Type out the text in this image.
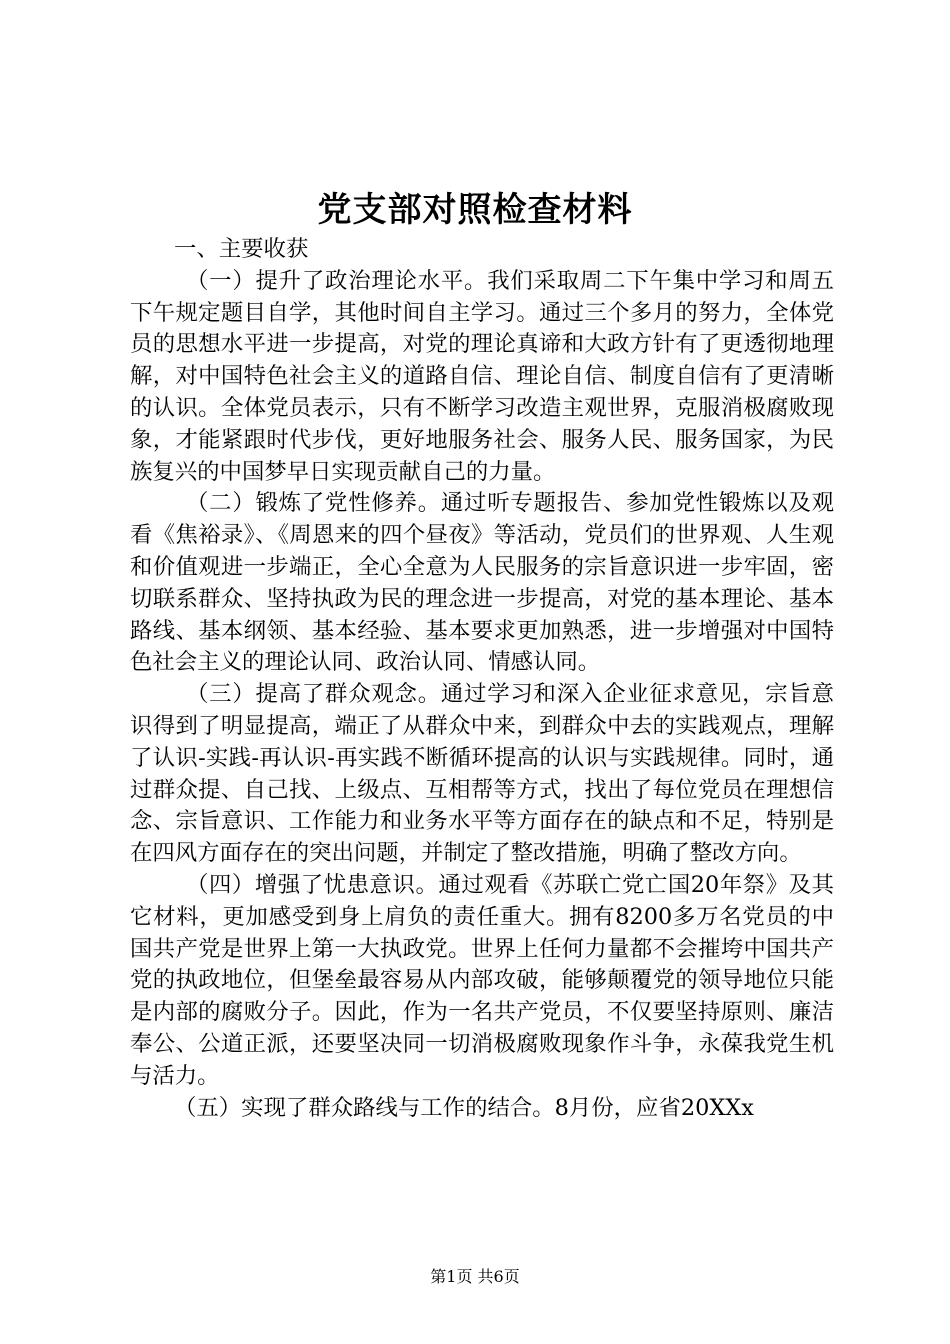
党支部对照检查材料

一、主要收获

（一）提升了政治理论水平。我们采取周二下午集中学习和周五下午规定题目自学，其他时间自主学习。通过三个多月的努力，全体党员的思想水平进一步提高，对党的理论真谛和大政方针有了更透彻地理解，对中国特色社会主义的道路自信、理论自信、制度自信有了更清晰的认识。全体党员表示，只有不断学习改造主观世界，克服消极腐败现象，才能紧跟时代步伐，更好地服务社会、服务人民、服务国家，为民族复兴的中国梦早日实现贡献自己的力量。

（二）锻炼了党性修养。通过听专题报告、参加党性锻炼以及观看《焦裕录》、《周恩来的四个昼夜》等活动，党员们的世界观、人生观和价值观进一步端正，全心全意为人民服务的宗旨意识进一步牢固，密切联系群众、坚持执政为民的理念进一步提高，对党的基本理论、基本路线、基本纲领、基本经验、基本要求更加熟悉，进一步增强对中国特色社会主义的理论认同、政治认同、情感认同。

（三）提高了群众观念。通过学习和深入企业征求意见，宗旨意识得到了明显提高，端正了从群众中来，到群众中去的实践观点，理解了认识-实践-再认识-再实践不断循环提高的认识与实践规律。同时，通过群众提、自己找、上级点、互相帮等方式，找出了每位党员在理想信念、宗旨意识、工作能力和业务水平等方面存在的缺点和不足，特别是在四风方面存在的突出问题，并制定了整改措施，明确了整改方向。

（四）增强了忧患意识。通过观看《苏联亡党亡国20年祭》及其它材料，更加感受到身上肩负的责任重大。拥有8200多万名党员的中国共产党是世界上第一大执政党。世界上任何力量都不会摧垮中国共产党的执政地位，但堡垒最容易从内部攻破，能够颠覆党的领导地位只能是内部的腐败分子。因此，作为一名共产党员，不仅要坚持原则、廉洁奉公、公道正派，还要坚决同一切消极腐败现象作斗争，永葆我党生机与活力。

（五）实现了群众路线与工作的结合。8月份，应省20XXx

第1页 共6页
